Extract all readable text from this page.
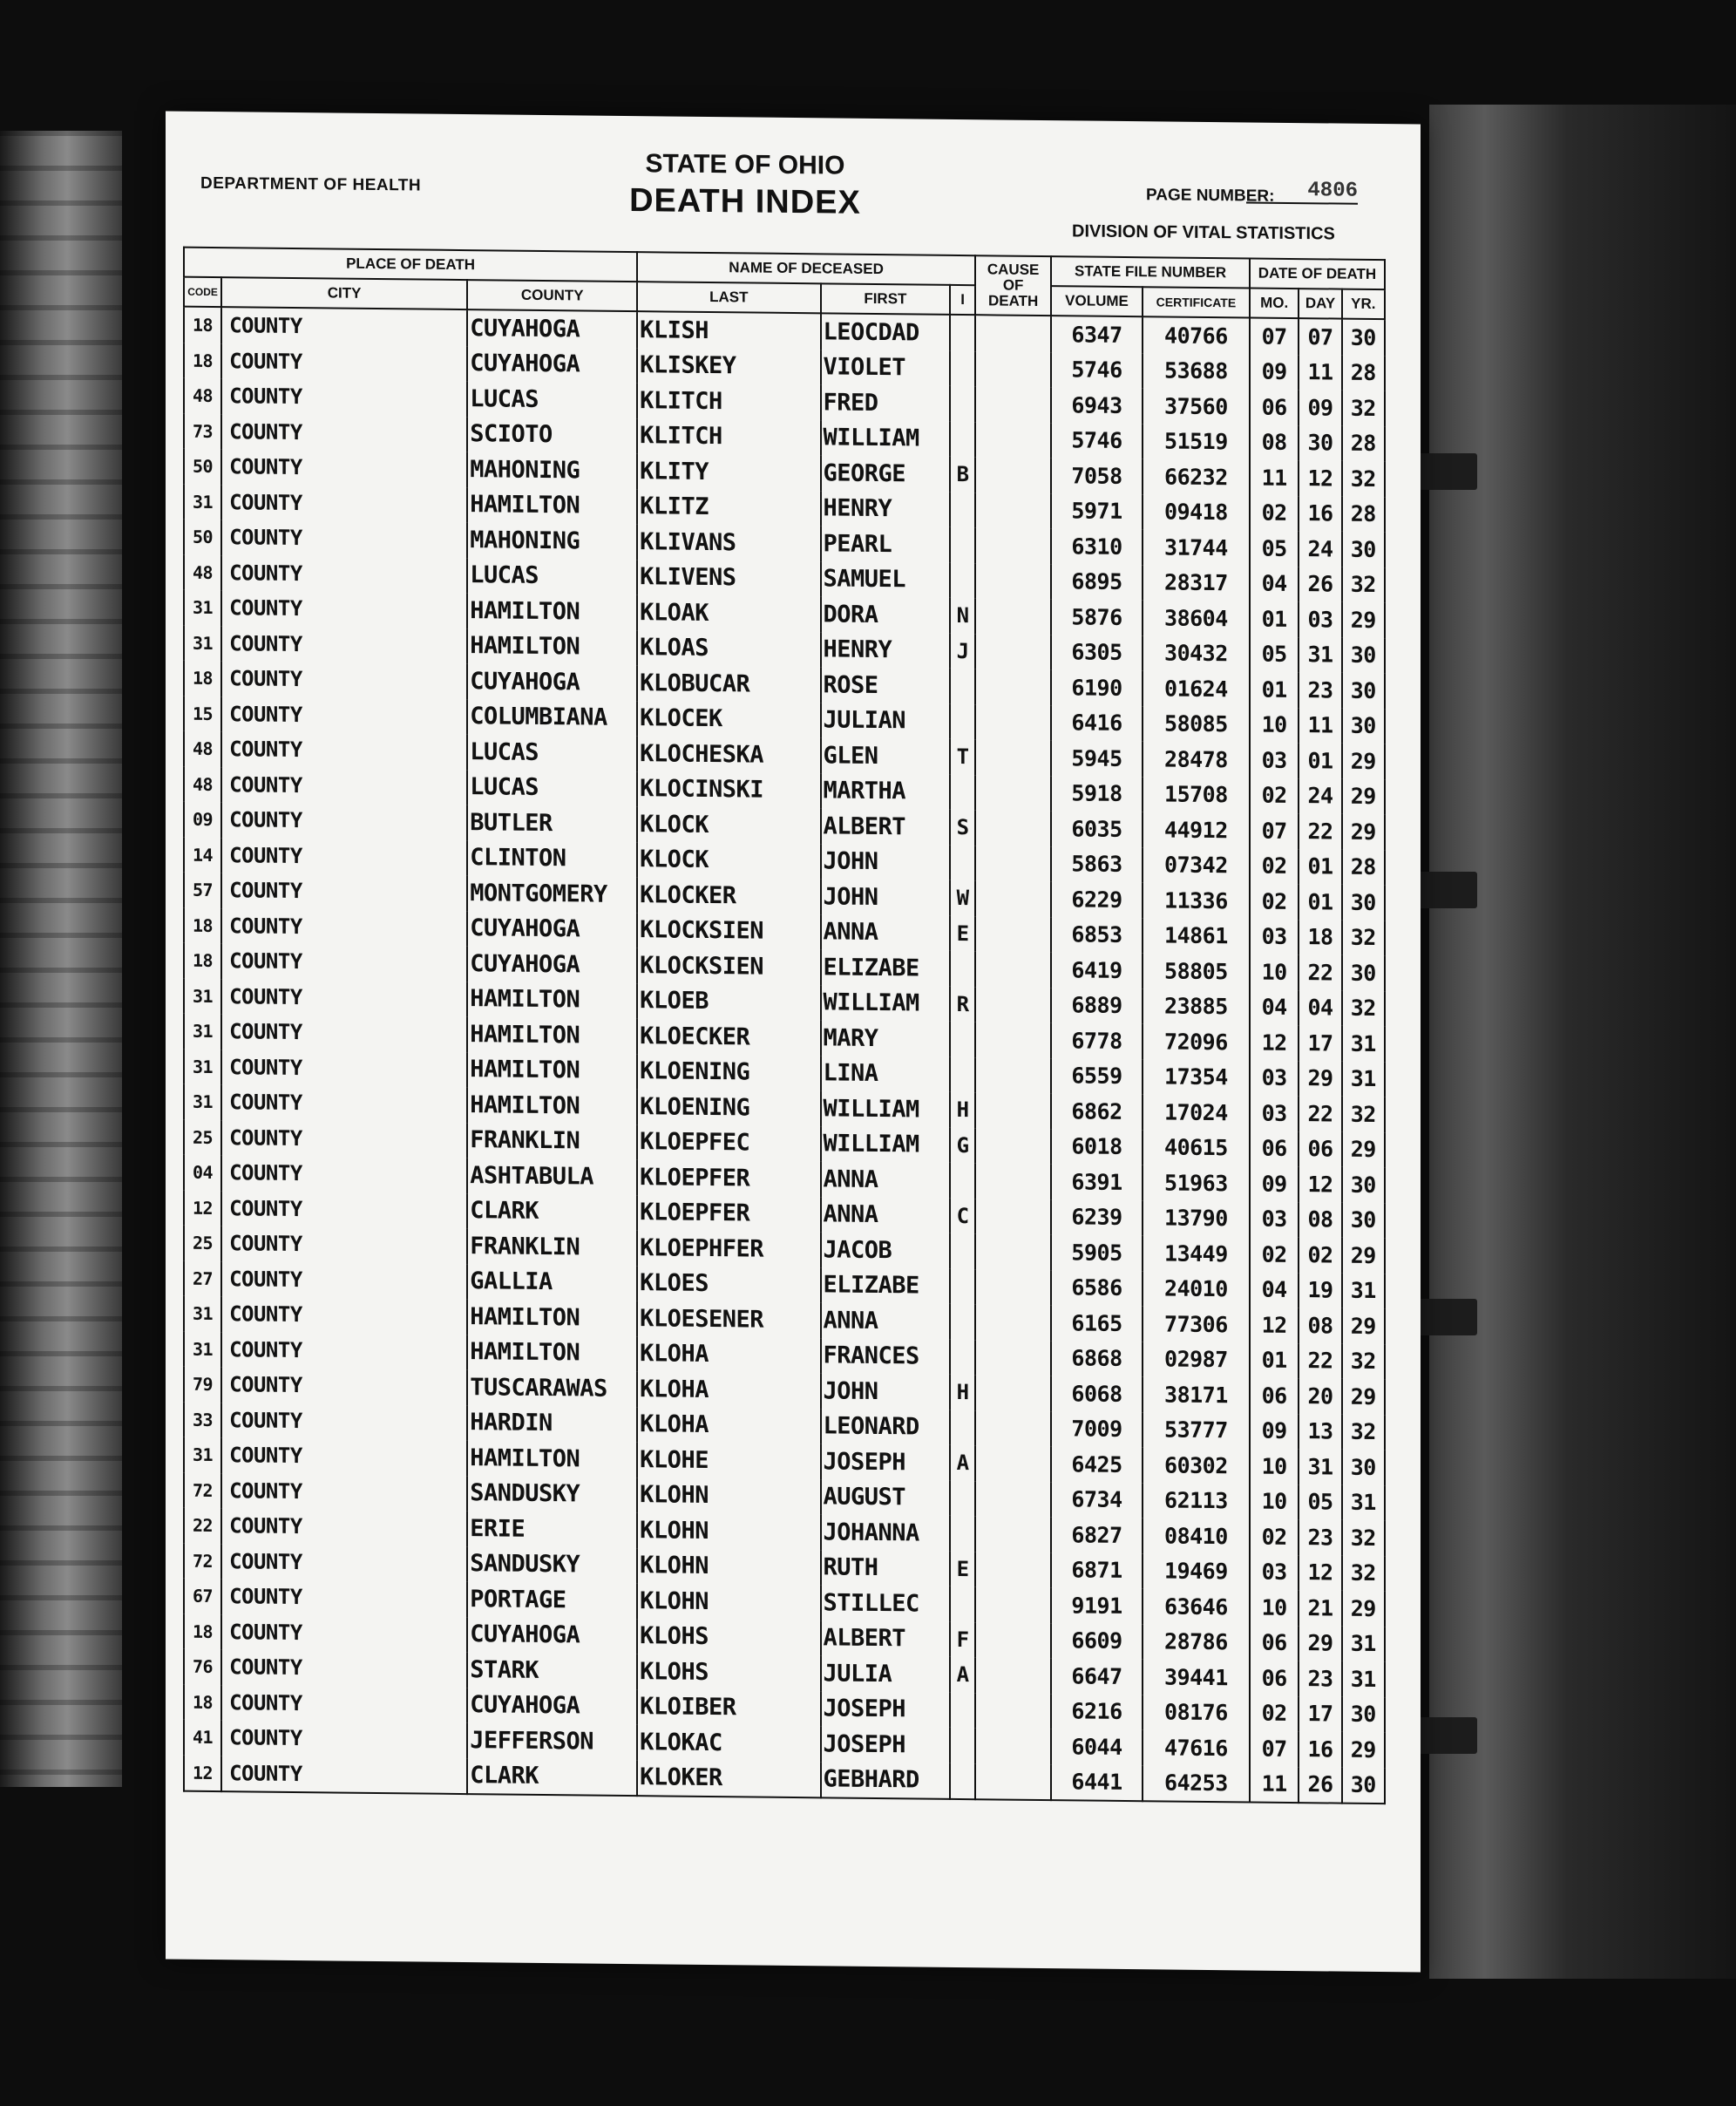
DEPARTMENT OF HEALTH
STATE OF OHIO
DEATH INDEX	PAGE NUMBER:	4806
DIVISION OF VITAL STATISTICS
PLACE OF DEATH			NAME OF DECEASED			CAUSE OF DEATH	STATE FILE NUMBER		DATE OF DEATH		
CODE	CITY	COUNTY	LAST	FIRST	I		VOLUME	CERTIFICATE	MO.	DAY	YR.
18	COUNTY	CUYAHOGA	KLISH	LEOCDAD			6347	40766	07	07	30
18	COUNTY	CUYAHOGA	KLISKEY	VIOLET			5746	53688	09	11	28
48	COUNTY	LUCAS	KLITCH	FRED			6943	37560	06	09	32
73	COUNTY	SCIOTO	KLITCH	WILLIAM			5746	51519	08	30	28
50	COUNTY	MAHONING	KLITY	GEORGE	B		7058	66232	11	12	32
31	COUNTY	HAMILTON	KLITZ	HENRY			5971	09418	02	16	28
50	COUNTY	MAHONING	KLIVANS	PEARL			6310	31744	05	24	30
48	COUNTY	LUCAS	KLIVENS	SAMUEL			6895	28317	04	26	32
31	COUNTY	HAMILTON	KLOAK	DORA	N		5876	38604	01	03	29
31	COUNTY	HAMILTON	KLOAS	HENRY	J		6305	30432	05	31	30
18	COUNTY	CUYAHOGA	KLOBUCAR	ROSE			6190	01624	01	23	30
15	COUNTY	COLUMBIANA	KLOCEK	JULIAN			6416	58085	10	11	30
48	COUNTY	LUCAS	KLOCHESKA	GLEN	T		5945	28478	03	01	29
48	COUNTY	LUCAS	KLOCINSKI	MARTHA			5918	15708	02	24	29
09	COUNTY	BUTLER	KLOCK	ALBERT	S		6035	44912	07	22	29
14	COUNTY	CLINTON	KLOCK	JOHN			5863	07342	02	01	28
57	COUNTY	MONTGOMERY	KLOCKER	JOHN	W		6229	11336	02	01	30
18	COUNTY	CUYAHOGA	KLOCKSIEN	ANNA	E		6853	14861	03	18	32
18	COUNTY	CUYAHOGA	KLOCKSIEN	ELIZABE			6419	58805	10	22	30
31	COUNTY	HAMILTON	KLOEB	WILLIAM	R		6889	23885	04	04	32
31	COUNTY	HAMILTON	KLOECKER	MARY			6778	72096	12	17	31
31	COUNTY	HAMILTON	KLOENING	LINA			6559	17354	03	29	31
31	COUNTY	HAMILTON	KLOENING	WILLIAM	H		6862	17024	03	22	32
25	COUNTY	FRANKLIN	KLOEPFEC	WILLIAM	G		6018	40615	06	06	29
04	COUNTY	ASHTABULA	KLOEPFER	ANNA			6391	51963	09	12	30
12	COUNTY	CLARK	KLOEPFER	ANNA	C		6239	13790	03	08	30
25	COUNTY	FRANKLIN	KLOEPHFER	JACOB			5905	13449	02	02	29
27	COUNTY	GALLIA	KLOES	ELIZABE			6586	24010	04	19	31
31	COUNTY	HAMILTON	KLOESENER	ANNA			6165	77306	12	08	29
31	COUNTY	HAMILTON	KLOHA	FRANCES			6868	02987	01	22	32
79	COUNTY	TUSCARAWAS	KLOHA	JOHN	H		6068	38171	06	20	29
33	COUNTY	HARDIN	KLOHA	LEONARD			7009	53777	09	13	32
31	COUNTY	HAMILTON	KLOHE	JOSEPH	A		6425	60302	10	31	30
72	COUNTY	SANDUSKY	KLOHN	AUGUST			6734	62113	10	05	31
22	COUNTY	ERIE	KLOHN	JOHANNA			6827	08410	02	23	32
72	COUNTY	SANDUSKY	KLOHN	RUTH	E		6871	19469	03	12	32
67	COUNTY	PORTAGE	KLOHN	STILLEC			9191	63646	10	21	29
18	COUNTY	CUYAHOGA	KLOHS	ALBERT	F		6609	28786	06	29	31
76	COUNTY	STARK	KLOHS	JULIA	A		6647	39441	06	23	31
18	COUNTY	CUYAHOGA	KLOIBER	JOSEPH			6216	08176	02	17	30
41	COUNTY	JEFFERSON	KLOKAC	JOSEPH			6044	47616	07	16	29
12	COUNTY	CLARK	KLOKER	GEBHARD			6441	64253	11	26	30
